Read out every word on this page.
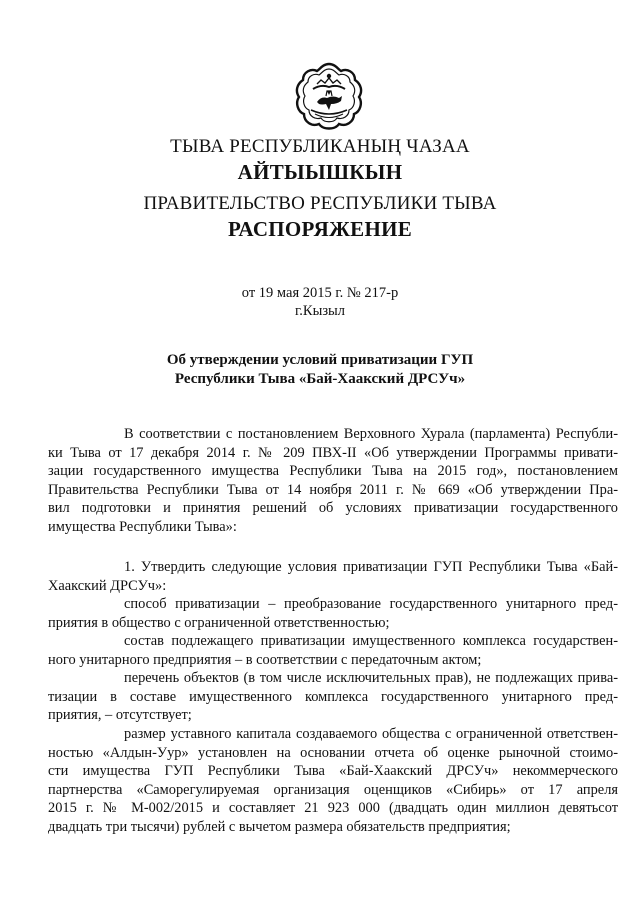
ТЫВА РЕСПУБЛИКАНЫҢ ЧАЗАА
АЙТЫЫШКЫН
ПРАВИТЕЛЬСТВО РЕСПУБЛИКИ ТЫВА
РАСПОРЯЖЕНИЕ
от 19 мая 2015 г. № 217-р
г.Кызыл
Об утверждении условий приватизации ГУП
Республики Тыва «Бай-Хаакский ДРСУч»
В соответствии с постановлением Верховного Хурала (парламента) Республи-
ки Тыва от 17 декабря 2014 г. № 209 ПВХ-II «Об утверждении Программы привати-
зации государственного имущества Республики Тыва на 2015 год», постановлением
Правительства Республики Тыва от 14 ноября 2011 г. № 669 «Об утверждении Пра-
вил подготовки и принятия решений об условиях приватизации государственного
имущества Республики Тыва»:
1. Утвердить следующие условия приватизации ГУП Республики Тыва «Бай-
Хаакский ДРСУч»:
способ приватизации – преобразование государственного унитарного пред-
приятия в общество с ограниченной ответственностью;
состав подлежащего приватизации имущественного комплекса государствен-
ного унитарного предприятия – в соответствии с передаточным актом;
перечень объектов (в том числе исключительных прав), не подлежащих прива-
тизации в составе имущественного комплекса государственного унитарного пред-
приятия, – отсутствует;
размер уставного капитала создаваемого общества с ограниченной ответствен-
ностью «Алдын-Уур» установлен на основании отчета об оценке рыночной стоимо-
сти имущества ГУП Республики Тыва «Бай-Хаакский ДРСУч» некоммерческого
партнерства «Саморегулируемая организация оценщиков «Сибирь» от 17 апреля
2015 г. № М-002/2015 и составляет 21 923 000 (двадцать один миллион девятьсот
двадцать три тысячи) рублей с вычетом размера обязательств предприятия;
